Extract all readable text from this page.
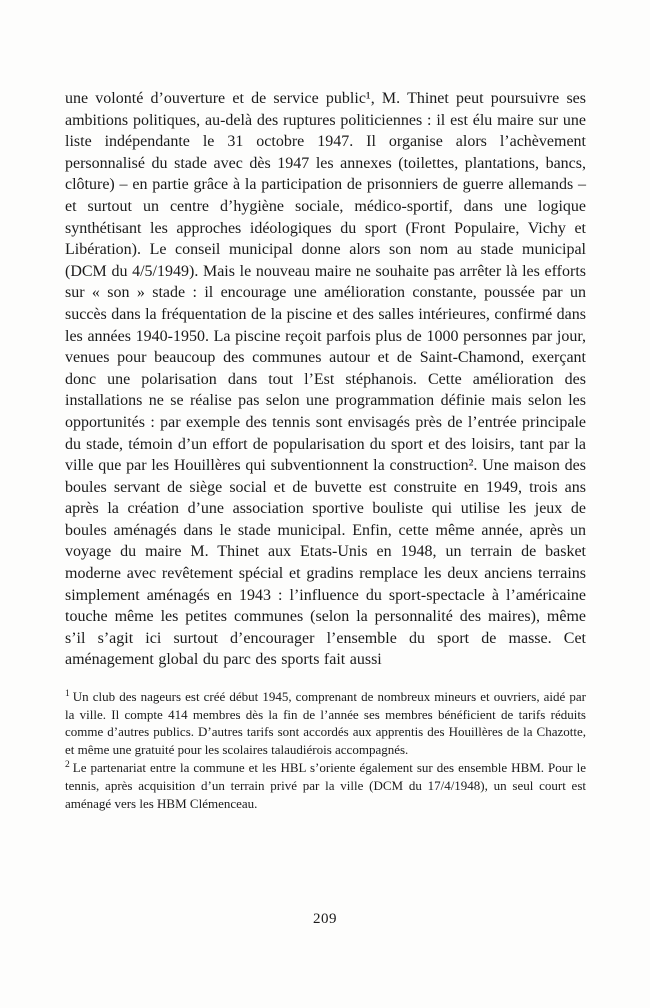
une volonté d’ouverture et de service public¹, M. Thinet peut poursuivre ses ambitions politiques, au-delà des ruptures politiciennes : il est élu maire sur une liste indépendante le 31 octobre 1947. Il organise alors l’achèvement personnalisé du stade avec dès 1947 les annexes (toilettes, plantations, bancs, clôture) – en partie grâce à la participation de prisonniers de guerre allemands – et surtout un centre d’hygiène sociale, médico-sportif, dans une logique synthétisant les approches idéologiques du sport (Front Populaire, Vichy et Libération). Le conseil municipal donne alors son nom au stade municipal (DCM du 4/5/1949). Mais le nouveau maire ne souhaite pas arrêter là les efforts sur « son » stade : il encourage une amélioration constante, poussée par un succès dans la fréquentation de la piscine et des salles intérieures, confirmé dans les années 1940-1950. La piscine reçoit parfois plus de 1000 personnes par jour, venues pour beaucoup des communes autour et de Saint-Chamond, exerçant donc une polarisation dans tout l’Est stéphanois. Cette amélioration des installations ne se réalise pas selon une programmation définie mais selon les opportunités : par exemple des tennis sont envisagés près de l’entrée principale du stade, témoin d’un effort de popularisation du sport et des loisirs, tant par la ville que par les Houillères qui subventionnent la construction². Une maison des boules servant de siège social et de buvette est construite en 1949, trois ans après la création d’une association sportive bouliste qui utilise les jeux de boules aménagés dans le stade municipal. Enfin, cette même année, après un voyage du maire M. Thinet aux Etats-Unis en 1948, un terrain de basket moderne avec revêtement spécial et gradins remplace les deux anciens terrains simplement aménagés en 1943 : l’influence du sport-spectacle à l’américaine touche même les petites communes (selon la personnalité des maires), même s’il s’agit ici surtout d’encourager l’ensemble du sport de masse. Cet aménagement global du parc des sports fait aussi

$^1$ Un club des nageurs est créé début 1945, comprenant de nombreux mineurs et ouvriers, aidé par la ville. Il compte 414 membres dès la fin de l’année ses membres bénéficient de tarifs réduits comme d’autres publics. D’autres tarifs sont accordés aux apprentis des Houillères de la Chazotte, et même une gratuité pour les scolaires talaudiérois accompagnés.

$^2$ Le partenariat entre la commune et les HBL s’oriente également sur des ensemble HBM. Pour le tennis, après acquisition d’un terrain privé par la ville (DCM du 17/4/1948), un seul court est aménagé vers les HBM Clémenceau.

209
